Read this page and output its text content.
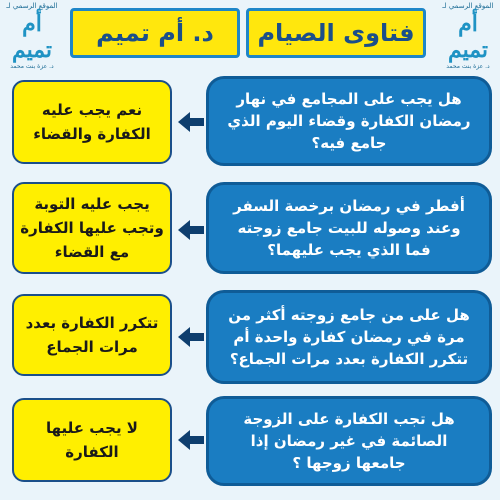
الموقع الرسمي لـ
أم تميم
د. عزة بنت محمد
د. أم تميم	فتاوى الصيام
الموقع الرسمي لـ
أم تميم
د. عزة بنت محمد
هل يجب على المجامع في نهار
رمضان الكفارة وقضاء اليوم الذي
جامع فيه؟
نعم يجب عليه
الكفارة والقضاء
أفطر في رمضان برخصة السفر
وعند وصوله للبيت جامع زوجته
فما الذي يجب عليهما؟
يجب عليه التوبة
وتجب عليها الكفارة
مع القضاء
هل على من جامع زوجته أكثر من
مرة في رمضان كفارة واحدة أم
تتكرر الكفارة بعدد مرات الجماع؟
تتكرر الكفارة بعدد
مرات الجماع
هل تجب الكفارة على الزوجة
الصائمة في غير رمضان إذا
جامعها زوجها ؟
لا يجب عليها
الكفارة
